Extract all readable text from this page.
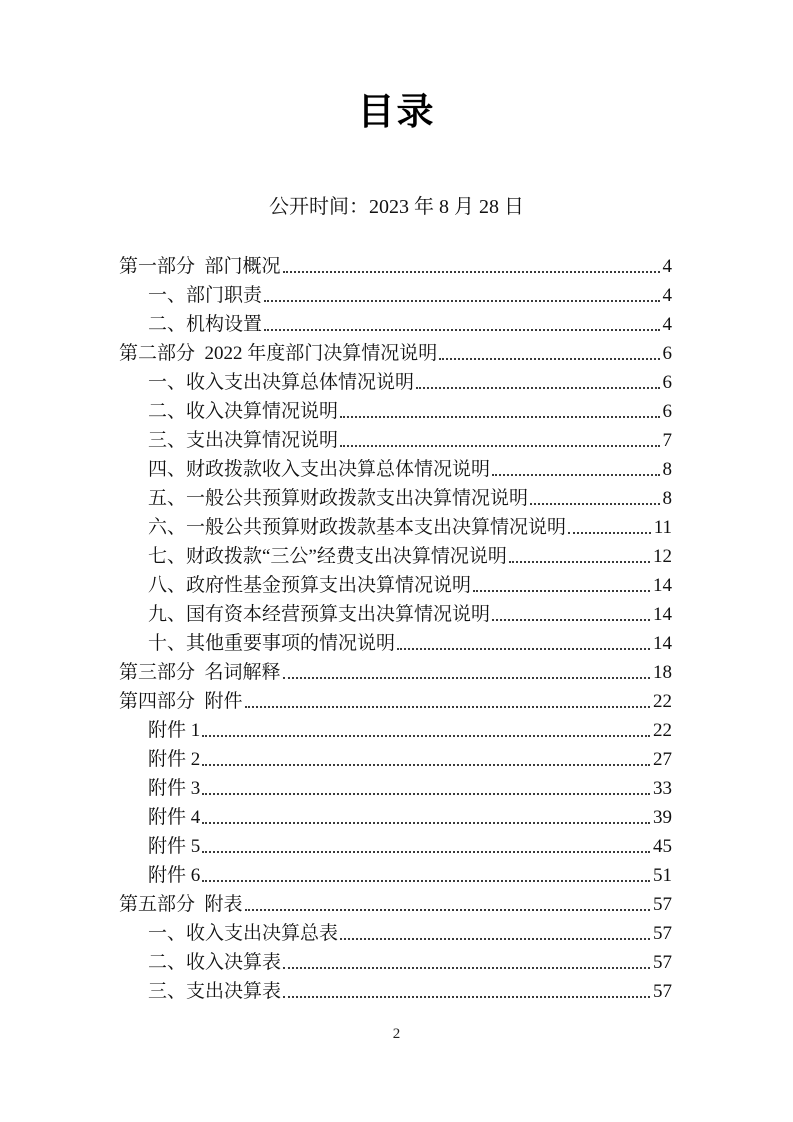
目录
公开时间：2023 年 8 月 28 日
第一部分  部门概况	4
一、部门职责	4
二、机构设置	4
第二部分  2022 年度部门决算情况说明	6
一、收入支出决算总体情况说明	6
二、收入决算情况说明	6
三、支出决算情况说明	7
四、财政拨款收入支出决算总体情况说明	8
五、一般公共预算财政拨款支出决算情况说明	8
六、一般公共预算财政拨款基本支出决算情况说明	11
七、财政拨款“三公”经费支出决算情况说明	12
八、政府性基金预算支出决算情况说明	14
九、国有资本经营预算支出决算情况说明	14
十、其他重要事项的情况说明	14
第三部分  名词解释	18
第四部分  附件	22
附件 1	22
附件 2	27
附件 3	33
附件 4	39
附件 5	45
附件 6	51
第五部分  附表	57
一、收入支出决算总表	57
二、收入决算表	57
三、支出决算表	57
2
